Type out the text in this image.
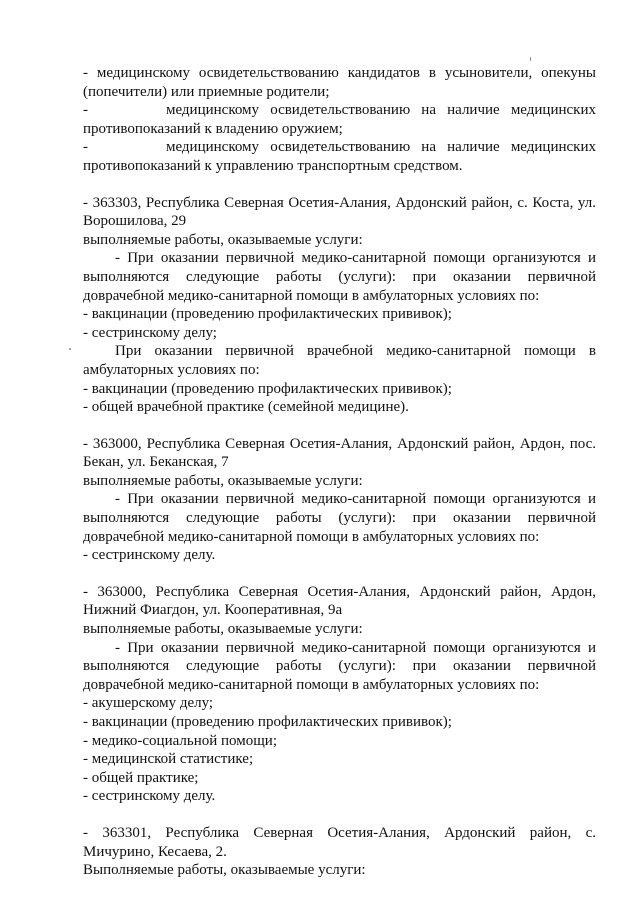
- медицинскому освидетельствованию кандидатов в усыновители, опекуны
(попечители) или приемные родители;
-       медицинскому освидетельствованию на наличие медицинских
противопоказаний к владению оружием;
-       медицинскому освидетельствованию на наличие медицинских
противопоказаний к управлению транспортным средством.
- 363303, Республика Северная Осетия-Алания, Ардонский район, с. Коста, ул.
Ворошилова, 29
выполняемые работы, оказываемые услуги:
- При оказании первичной медико-санитарной помощи организуются и
выполняются следующие работы (услуги): при оказании первичной
доврачебной медико-санитарной помощи в амбулаторных условиях по:
- вакцинации (проведению профилактических прививок);
- сестринскому делу;
При оказании первичной врачебной медико-санитарной помощи в
амбулаторных условиях по:
- вакцинации (проведению профилактических прививок);
- общей врачебной практике (семейной медицине).
- 363000, Республика Северная Осетия-Алания, Ардонский район, Ардон, пос.
Бекан, ул. Беканская, 7
выполняемые работы, оказываемые услуги:
- При оказании первичной медико-санитарной помощи организуются и
выполняются следующие работы (услуги): при оказании первичной
доврачебной медико-санитарной помощи в амбулаторных условиях по:
- сестринскому делу.
- 363000, Республика Северная Осетия-Алания, Ардонский район, Ардон,
Нижний Фиагдон, ул. Кооперативная, 9а
выполняемые работы, оказываемые услуги:
- При оказании первичной медико-санитарной помощи организуются и
выполняются следующие работы (услуги): при оказании первичной
доврачебной медико-санитарной помощи в амбулаторных условиях по:
- акушерскому делу;
- вакцинации (проведению профилактических прививок);
- медико-социальной помощи;
- медицинской статистике;
- общей практике;
- сестринскому делу.
- 363301, Республика Северная Осетия-Алания, Ардонский район, с.
Мичурино, Кесаева, 2.
Выполняемые работы, оказываемые услуги:
